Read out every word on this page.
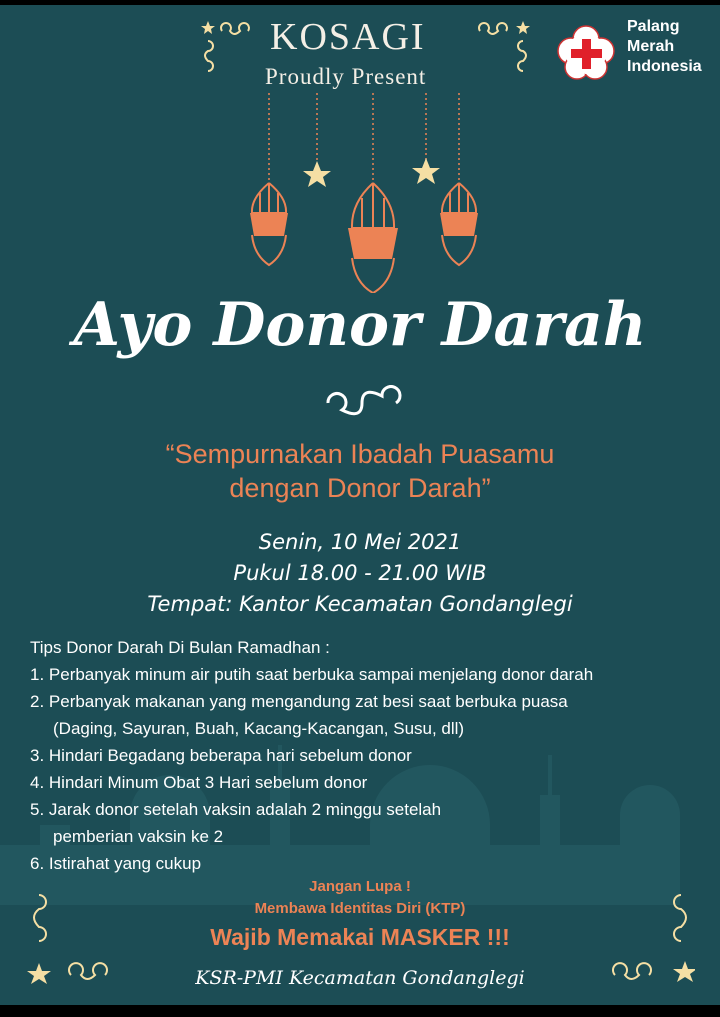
KOSAGI
Proudly Present
Palang
Merah
Indonesia
Ayo Donor Darah
“Sempurnakan Ibadah Puasamu
dengan Donor Darah”
Senin, 10 Mei 2021
Pukul 18.00 - 21.00 WIB
Tempat: Kantor Kecamatan Gondanglegi
Tips Donor Darah Di Bulan Ramadhan :
1. Perbanyak minum air putih saat berbuka sampai menjelang donor darah
2. Perbanyak makanan yang mengandung zat besi saat berbuka puasa
(Daging, Sayuran, Buah, Kacang-Kacangan, Susu, dll)
3. Hindari Begadang beberapa hari sebelum donor
4. Hindari Minum Obat 3 Hari sebelum donor
5. Jarak donor setelah vaksin adalah 2 minggu setelah
pemberian vaksin ke 2
6. Istirahat yang cukup
Jangan Lupa !
Membawa Identitas Diri (KTP)
Wajib Memakai MASKER !!!
KSR-PMI Kecamatan Gondanglegi
